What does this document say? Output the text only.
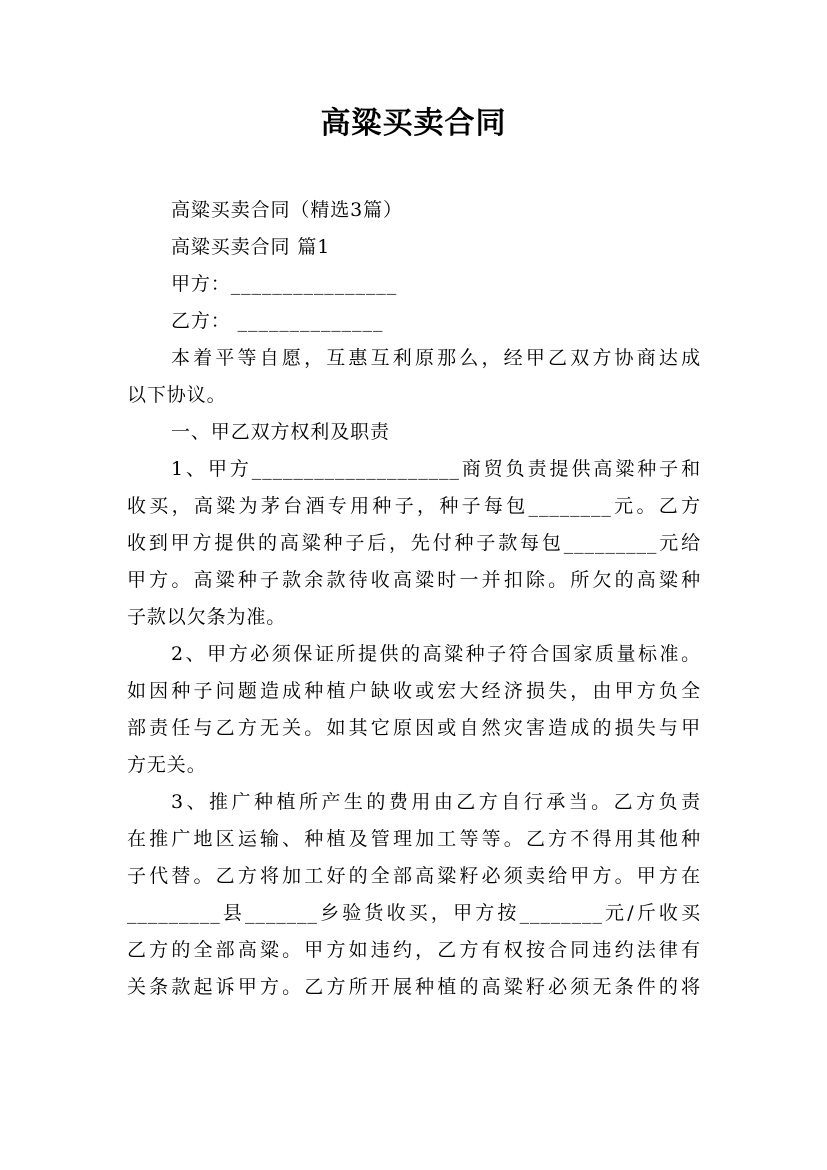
高粱买卖合同
高粱买卖合同（精选3篇）
高粱买卖合同 篇1
甲方：________________
乙方： ______________
本着平等自愿，互惠互利原那么，经甲乙双方协商达成
以下协议。
一、甲乙双方权利及职责
1、甲方____________________商贸负责提供高粱种子和
收买，高粱为茅台酒专用种子，种子每包________元。乙方
收到甲方提供的高粱种子后，先付种子款每包_________元给
甲方。高粱种子款余款待收高粱时一并扣除。所欠的高粱种
子款以欠条为准。
2、甲方必须保证所提供的高粱种子符合国家质量标准。
如因种子问题造成种植户缺收或宏大经济损失，由甲方负全
部责任与乙方无关。如其它原因或自然灾害造成的损失与甲
方无关。
3、推广种植所产生的费用由乙方自行承当。乙方负责
在推广地区运输、种植及管理加工等等。乙方不得用其他种
子代替。乙方将加工好的全部高粱籽必须卖给甲方。甲方在
_________县_______乡验货收买，甲方按________元/斤收买
乙方的全部高粱。甲方如违约，乙方有权按合同违约法律有
关条款起诉甲方。乙方所开展种植的高粱籽必须无条件的将
